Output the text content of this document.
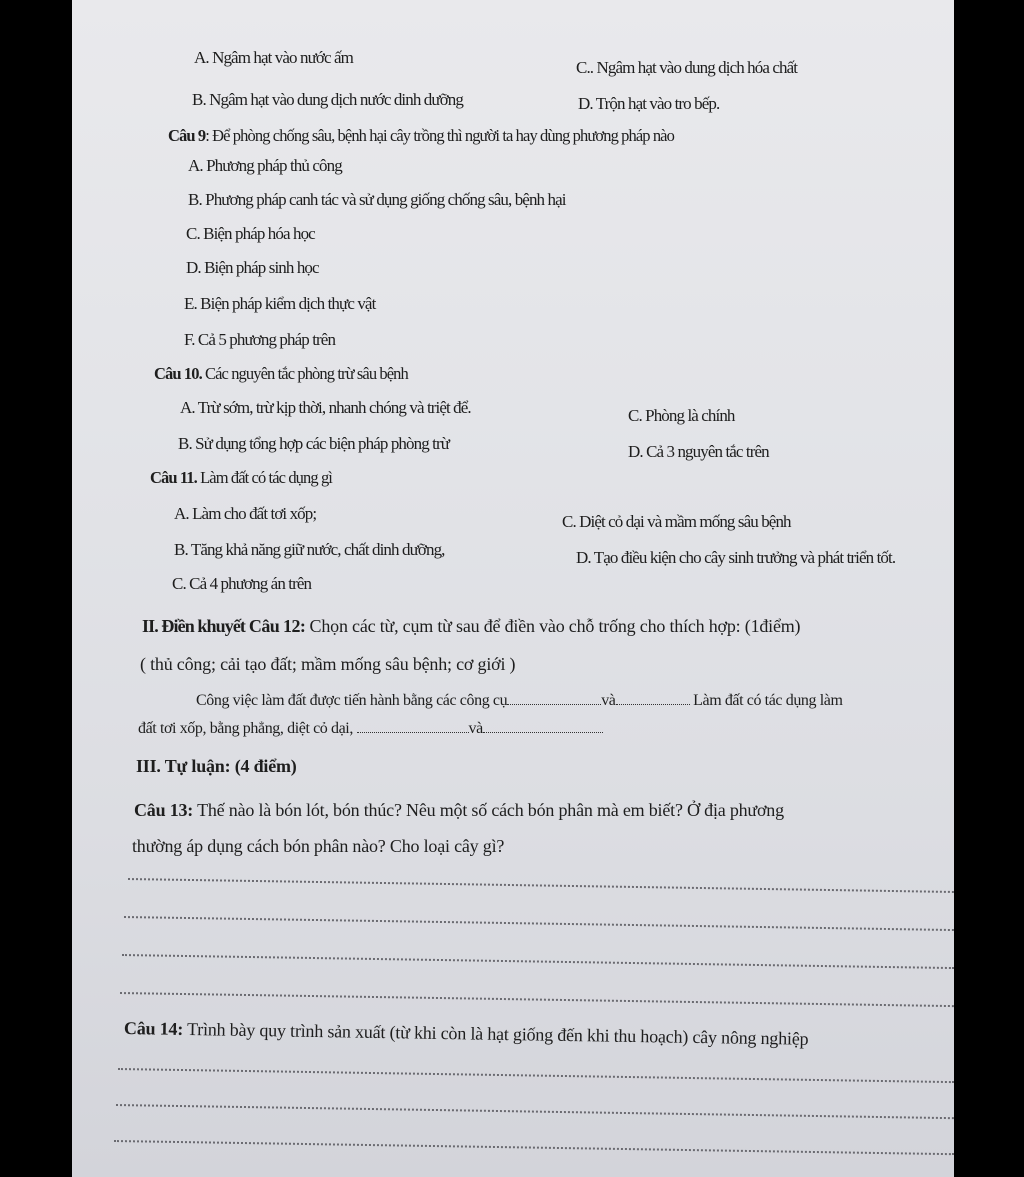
A. Ngâm hạt vào nước ấm
C.. Ngâm hạt vào dung dịch hóa chất
B. Ngâm hạt vào dung dịch nước dinh dưỡng	D. Trộn hạt vào tro bếp.
Câu 9: Để phòng chống sâu, bệnh hại cây trồng thì người ta hay dùng phương pháp nào
A. Phương pháp thủ công
B. Phương pháp canh tác và sử dụng giống chống sâu, bệnh hại
C. Biện pháp hóa học
D. Biện pháp sinh học
E. Biện pháp kiểm dịch thực vật
F. Cả 5 phương pháp trên
Câu 10. Các nguyên tắc phòng trừ sâu bệnh
A. Trừ sớm, trừ kịp thời, nhanh chóng và triệt để.	C. Phòng là chính
B. Sử dụng tổng hợp các biện pháp phòng trừ	D. Cả 3 nguyên tắc trên
Câu 11. Làm đất có tác dụng gì
A. Làm cho đất tơi xốp;	C. Diệt cỏ dại và mầm mống sâu bệnh
B. Tăng khả năng giữ nước, chất dinh dưỡng,	D. Tạo điều kiện cho cây sinh trưởng và phát triển tốt.
C. Cả 4 phương án trên
II. Điền khuyết Câu 12: Chọn các từ, cụm từ sau để điền vào chỗ trống cho thích hợp: (1điểm)
( thủ công; cải tạo đất; mầm mống sâu bệnh; cơ giới )
Công việc làm đất được tiến hành bằng các công cụ	và	Làm đất có tác dụng làm
đất tơi xốp, bằng phẳng, diệt cỏ dại,	và
III. Tự luận: (4 điểm)
Câu 13: Thế nào là bón lót, bón thúc? Nêu một số cách bón phân mà em biết? Ở địa phương
thường áp dụng cách bón phân nào? Cho loại cây gì?
Câu 14: Trình bày quy trình sản xuất (từ khi còn là hạt giống đến khi thu hoạch) cây nông nghiệp
